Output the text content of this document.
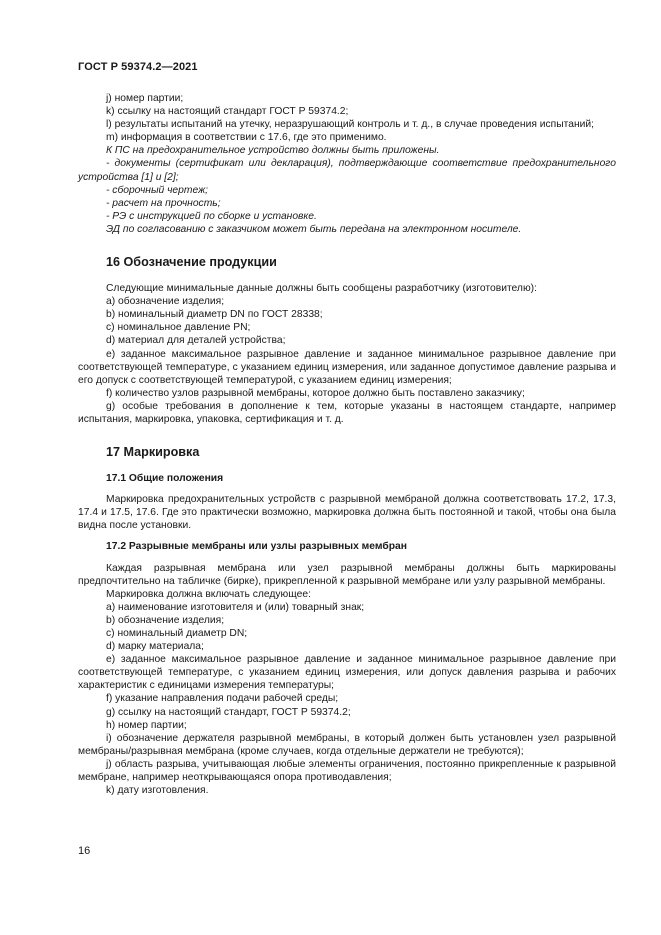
ГОСТ Р 59374.2—2021

j) номер партии;

k) ссылку на настоящий стандарт ГОСТ Р 59374.2;

l) результаты испытаний на утечку, неразрушающий контроль и т. д., в случае проведения испытаний;

m) информация в соответствии с 17.6, где это применимо.

К ПС на предохранительное устройство должны быть приложены.

- документы (сертификат или декларация), подтверждающие соответствие предохранительного устройства [1] и [2];

- сборочный чертеж;

- расчет на прочность;

- РЭ с инструкцией по сборке и установке.

ЭД по согласованию с заказчиком может быть передана на электронном носителе.

16 Обозначение продукции

Следующие минимальные данные должны быть сообщены разработчику (изготовителю):

a) обозначение изделия;

b) номинальный диаметр DN по ГОСТ 28338;

c) номинальное давление PN;

d) материал для деталей устройства;

e) заданное максимальное разрывное давление и заданное минимальное разрывное давление при соответствующей температуре, с указанием единиц измерения, или заданное допустимое давление разрыва и его допуск с соответствующей температурой, с указанием единиц измерения;

f) количество узлов разрывной мембраны, которое должно быть поставлено заказчику;

g) особые требования в дополнение к тем, которые указаны в настоящем стандарте, например испытания, маркировка, упаковка, сертификация и т. д.

17 Маркировка
17.1 Общие положения

Маркировка предохранительных устройств с разрывной мембраной должна соответствовать 17.2, 17.3, 17.4 и 17.5, 17.6. Где это практически возможно, маркировка должна быть постоянной и такой, чтобы она была видна после установки.

17.2 Разрывные мембраны или узлы разрывных мембран

Каждая разрывная мембрана или узел разрывной мембраны должны быть маркированы предпочтительно на табличке (бирке), прикрепленной к разрывной мембране или узлу разрывной мембраны.

Маркировка должна включать следующее:

a) наименование изготовителя и (или) товарный знак;

b) обозначение изделия;

c) номинальный диаметр DN;

d) марку материала;

e) заданное максимальное разрывное давление и заданное минимальное разрывное давление при соответствующей температуре, с указанием единиц измерения, или допуск давления разрыва и рабочих характеристик с единицами измерения температуры;

f) указание направления подачи рабочей среды;

g) ссылку на настоящий стандарт, ГОСТ Р 59374.2;

h) номер партии;

i) обозначение держателя разрывной мембраны, в который должен быть установлен узел разрывной мембраны/разрывная мембрана (кроме случаев, когда отдельные держатели не требуются);

j) область разрыва, учитывающая любые элементы ограничения, постоянно прикрепленные к разрывной мембране, например неоткрывающаяся опора противодавления;

k) дату изготовления.

16
